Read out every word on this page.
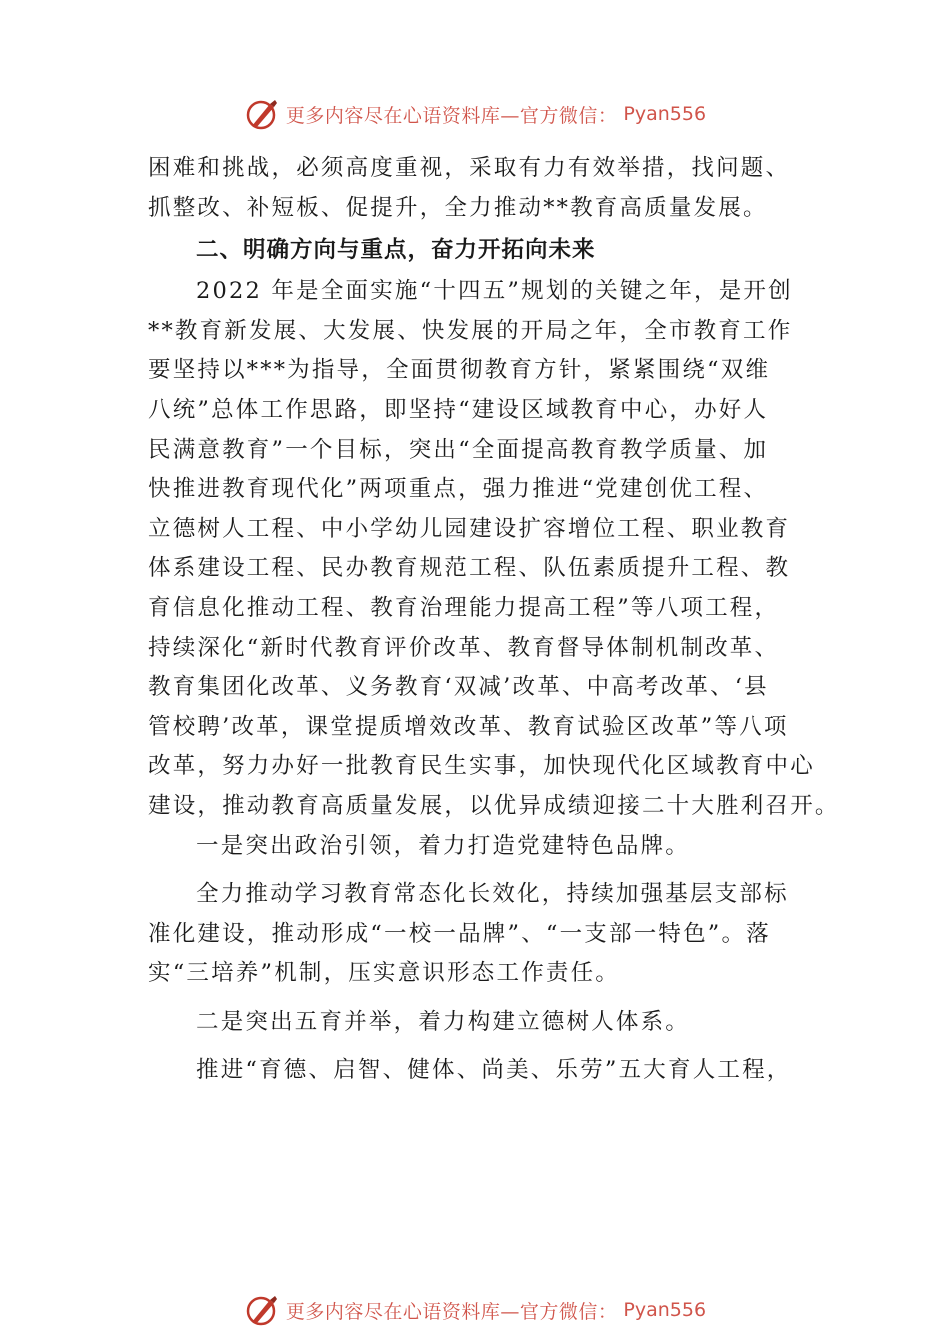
更多内容尽在心语资料库—官方微信： Pyan556
困难和挑战，必须高度重视，采取有力有效举措，找问题、
抓整改、补短板、促提升，全力推动**教育高质量发展。
二、明确方向与重点，奋力开拓向未来
2022 年是全面实施“十四五”规划的关键之年，是开创
**教育新发展、大发展、快发展的开局之年，全市教育工作
要坚持以***为指导，全面贯彻教育方针，紧紧围绕“双维
八统”总体工作思路，即坚持“建设区域教育中心，办好人
民满意教育”一个目标，突出“全面提高教育教学质量、加
快推进教育现代化”两项重点，强力推进“党建创优工程、
立德树人工程、中小学幼儿园建设扩容增位工程、职业教育
体系建设工程、民办教育规范工程、队伍素质提升工程、教
育信息化推动工程、教育治理能力提高工程”等八项工程，
持续深化“新时代教育评价改革、教育督导体制机制改革、
教育集团化改革、义务教育‘双减’改革、中高考改革、‘县
管校聘’改革，课堂提质增效改革、教育试验区改革”等八项
改革，努力办好一批教育民生实事，加快现代化区域教育中心
建设，推动教育高质量发展，以优异成绩迎接二十大胜利召开。
一是突出政治引领，着力打造党建特色品牌。
全力推动学习教育常态化长效化，持续加强基层支部标
准化建设，推动形成“一校一品牌”、“一支部一特色”。落
实“三培养”机制，压实意识形态工作责任。
二是突出五育并举，着力构建立德树人体系。
推进“育德、启智、健体、尚美、乐劳”五大育人工程，
更多内容尽在心语资料库—官方微信： Pyan556
